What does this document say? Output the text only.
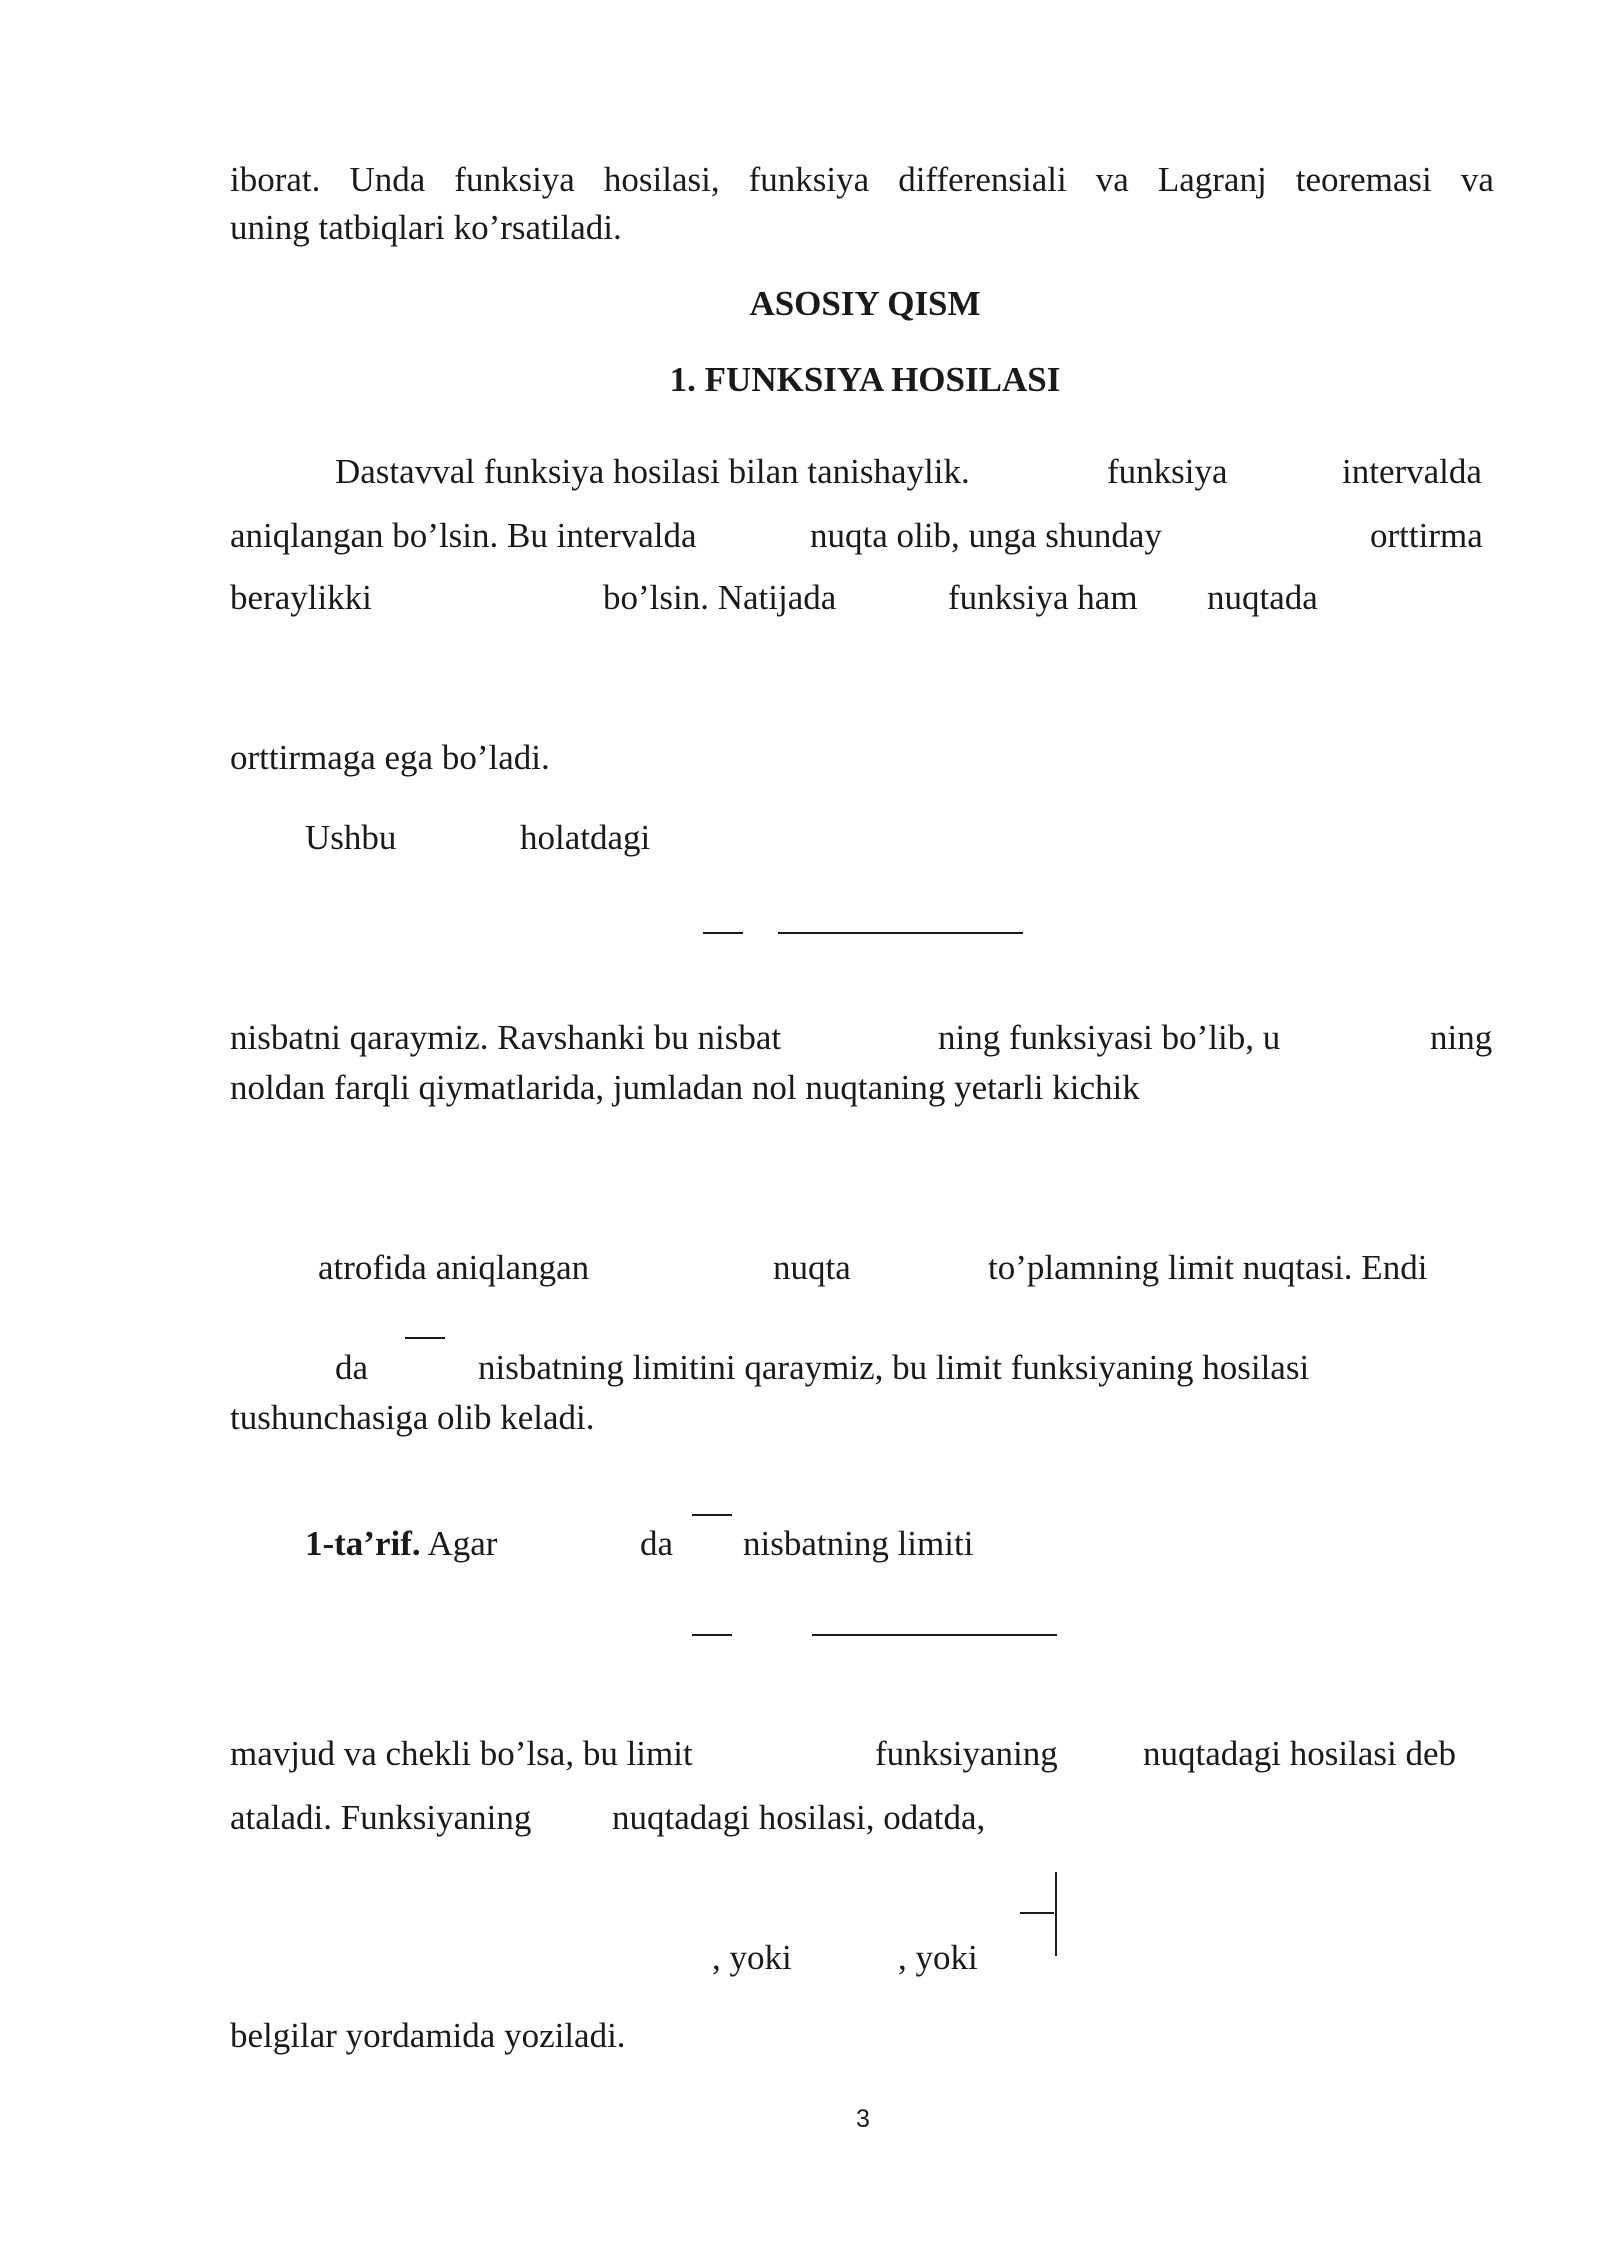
iborat. Unda funksiya hosilasi, funksiya differensiali va Lagranj teoremasi va
uning tatbiqlari ko’rsatiladi.
ASOSIY QISM
1. FUNKSIYA HOSILASI
Dastavval funksiya hosilasi bilan tanishaylik.	funksiya	intervalda
aniqlangan bo’lsin. Bu intervalda	nuqta olib, unga shunday	orttirma
beraylikki	bo’lsin. Natijada	funksiya ham nuqtada
orttirmaga ega bo’ladi.
Ushbu	holatdagi
nisbatni qaraymiz. Ravshanki bu nisbat	ning funksiyasi bo’lib, u	ning
noldan farqli qiymatlarida, jumladan nol nuqtaning yetarli kichik
atrofida aniqlangan	nuqta	to’plamning limit nuqtasi. Endi
da	nisbatning limitini qaraymiz, bu limit funksiyaning hosilasi
tushunchasiga olib keladi.
1-ta’rif. Agar	da nisbatning limiti
mavjud va chekli bo’lsa, bu limit	funksiyaning nuqtadagi hosilasi deb
ataladi. Funksiyaning nuqtadagi hosilasi, odatda,
, yoki	, yoki
belgilar yordamida yoziladi.
3
